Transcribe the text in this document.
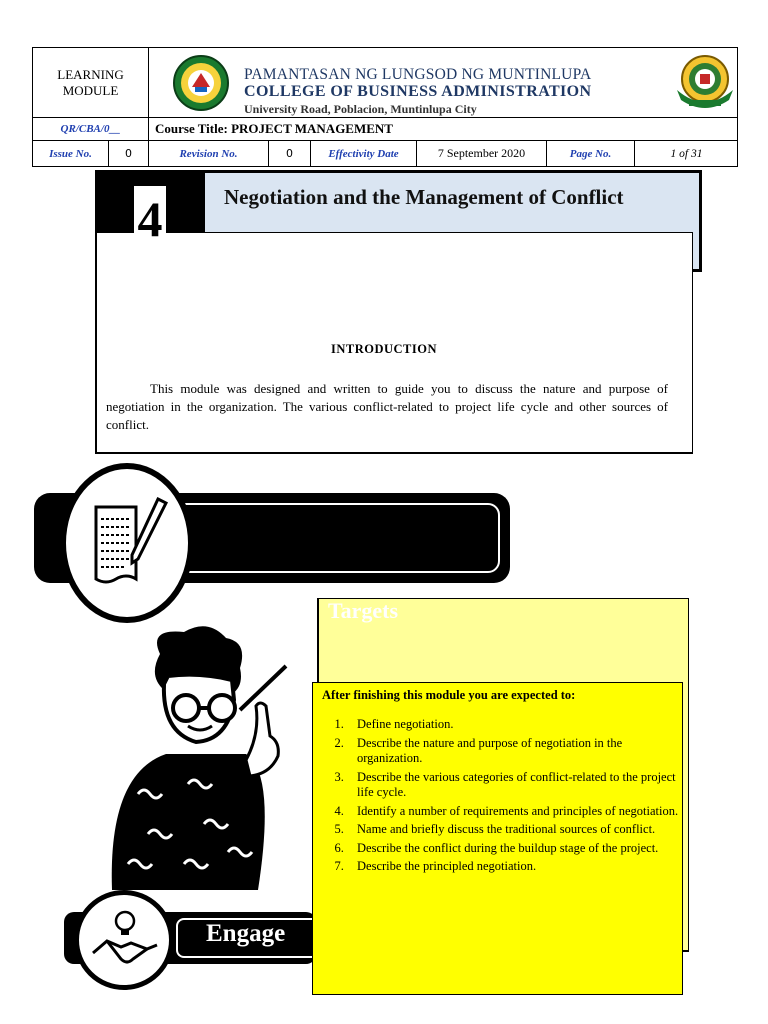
LEARNING MODULE
PAMANTASAN NG LUNGSOD NG MUNTINLUPA
COLLEGE OF BUSINESS ADMINISTRATION
University Road, Poblacion, Muntinlupa City
QR/CBA/0__	Course Title: PROJECT MANAGEMENT
Issue No.	0	Revision No.	0	Effectivity Date	7 September 2020	Page No.	1 of 31
4	Negotiation and the Management of Conflict
INTRODUCTION
This module was designed and written to guide you to discuss the nature and purpose of negotiation in the organization. The various conflict-related to project life cycle and other sources of conflict.
Targets
Engage
1. Define negotiation.
2. Describe the nature and purpose of negotiation in the organization.
3. Describe the various categories of conflict-related to the project life cycle.
4. Identify a number of requirements and principles of negotiation.
5. Name and briefly discuss the traditional sources of conflict.
6. Describe the conflict during the buildup stage of the project.
7. Describe the principled negotiation.
After finishing this module you are expected to:
